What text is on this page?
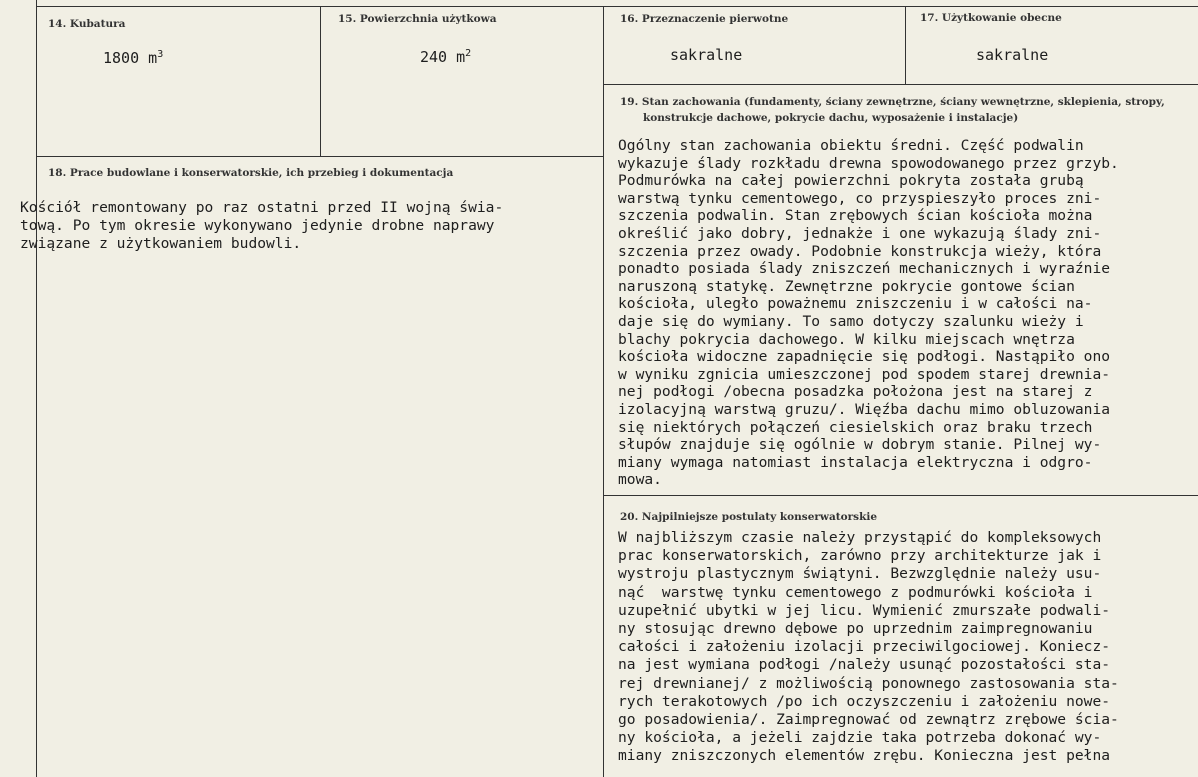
14. Kubatura
1800 $m^3$
15. Powierzchnia użytkowa
240 $m^2$
16. Przeznaczenie pierwotne
sakralne
17. Użytkowanie obecne
sakralne
18. Prace budowlane i konserwatorskie, ich przebieg i dokumentacja
Kościół remontowany po raz ostatni przed II wojną świa-
tową. Po tym okresie wykonywano jedynie drobne naprawy
związane z użytkowaniem budowli.
19. Stan zachowania (fundamenty, ściany zewnętrzne, ściany wewnętrzne, sklepienia, stropy,
konstrukcje dachowe, pokrycie dachu, wyposażenie i instalacje)
Ogólny stan zachowania obiektu średni. Część podwalin
wykazuje ślady rozkładu drewna spowodowanego przez grzyb.
Podmurówka na całej powierzchni pokryta została grubą
warstwą tynku cementowego, co przyspieszyło proces zni-
szczenia podwalin. Stan zrębowych ścian kościoła można
określić jako dobry, jednakże i one wykazują ślady zni-
szczenia przez owady. Podobnie konstrukcja wieży, która
ponadto posiada ślady zniszczeń mechanicznych i wyraźnie
naruszoną statykę. Zewnętrzne pokrycie gontowe ścian
kościoła, uległo poważnemu zniszczeniu i w całości na-
daje się do wymiany. To samo dotyczy szalunku wieży i
blachy pokrycia dachowego. W kilku miejscach wnętrza
kościoła widoczne zapadnięcie się podłogi. Nastąpiło ono
w wyniku zgnicia umieszczonej pod spodem starej drewnia-
nej podłogi /obecna posadzka położona jest na starej z
izolacyjną warstwą gruzu/. Więźba dachu mimo obluzowania
się niektórych połączeń ciesielskich oraz braku trzech
słupów znajduje się ogólnie w dobrym stanie. Pilnej wy-
miany wymaga natomiast instalacja elektryczna i odgro-
mowa.
20. Najpilniejsze postulaty konserwatorskie
W najbliższym czasie należy przystąpić do kompleksowych
prac konserwatorskich, zarówno przy architekturze jak i
wystroju plastycznym świątyni. Bezwzględnie należy usu-
nąć  warstwę tynku cementowego z podmurówki kościoła i
uzupełnić ubytki w jej licu. Wymienić zmurszałe podwali-
ny stosując drewno dębowe po uprzednim zaimpregnowaniu
całości i założeniu izolacji przeciwilgociowej. Koniecz-
na jest wymiana podłogi /należy usunąć pozostałości sta-
rej drewnianej/ z możliwością ponownego zastosowania sta-
rych terakotowych /po ich oczyszczeniu i założeniu nowe-
go posadowienia/. Zaimpregnować od zewnątrz zrębowe ścia-
ny kościoła, a jeżeli zajdzie taka potrzeba dokonać wy-
miany zniszczonych elementów zrębu. Konieczna jest pełna
